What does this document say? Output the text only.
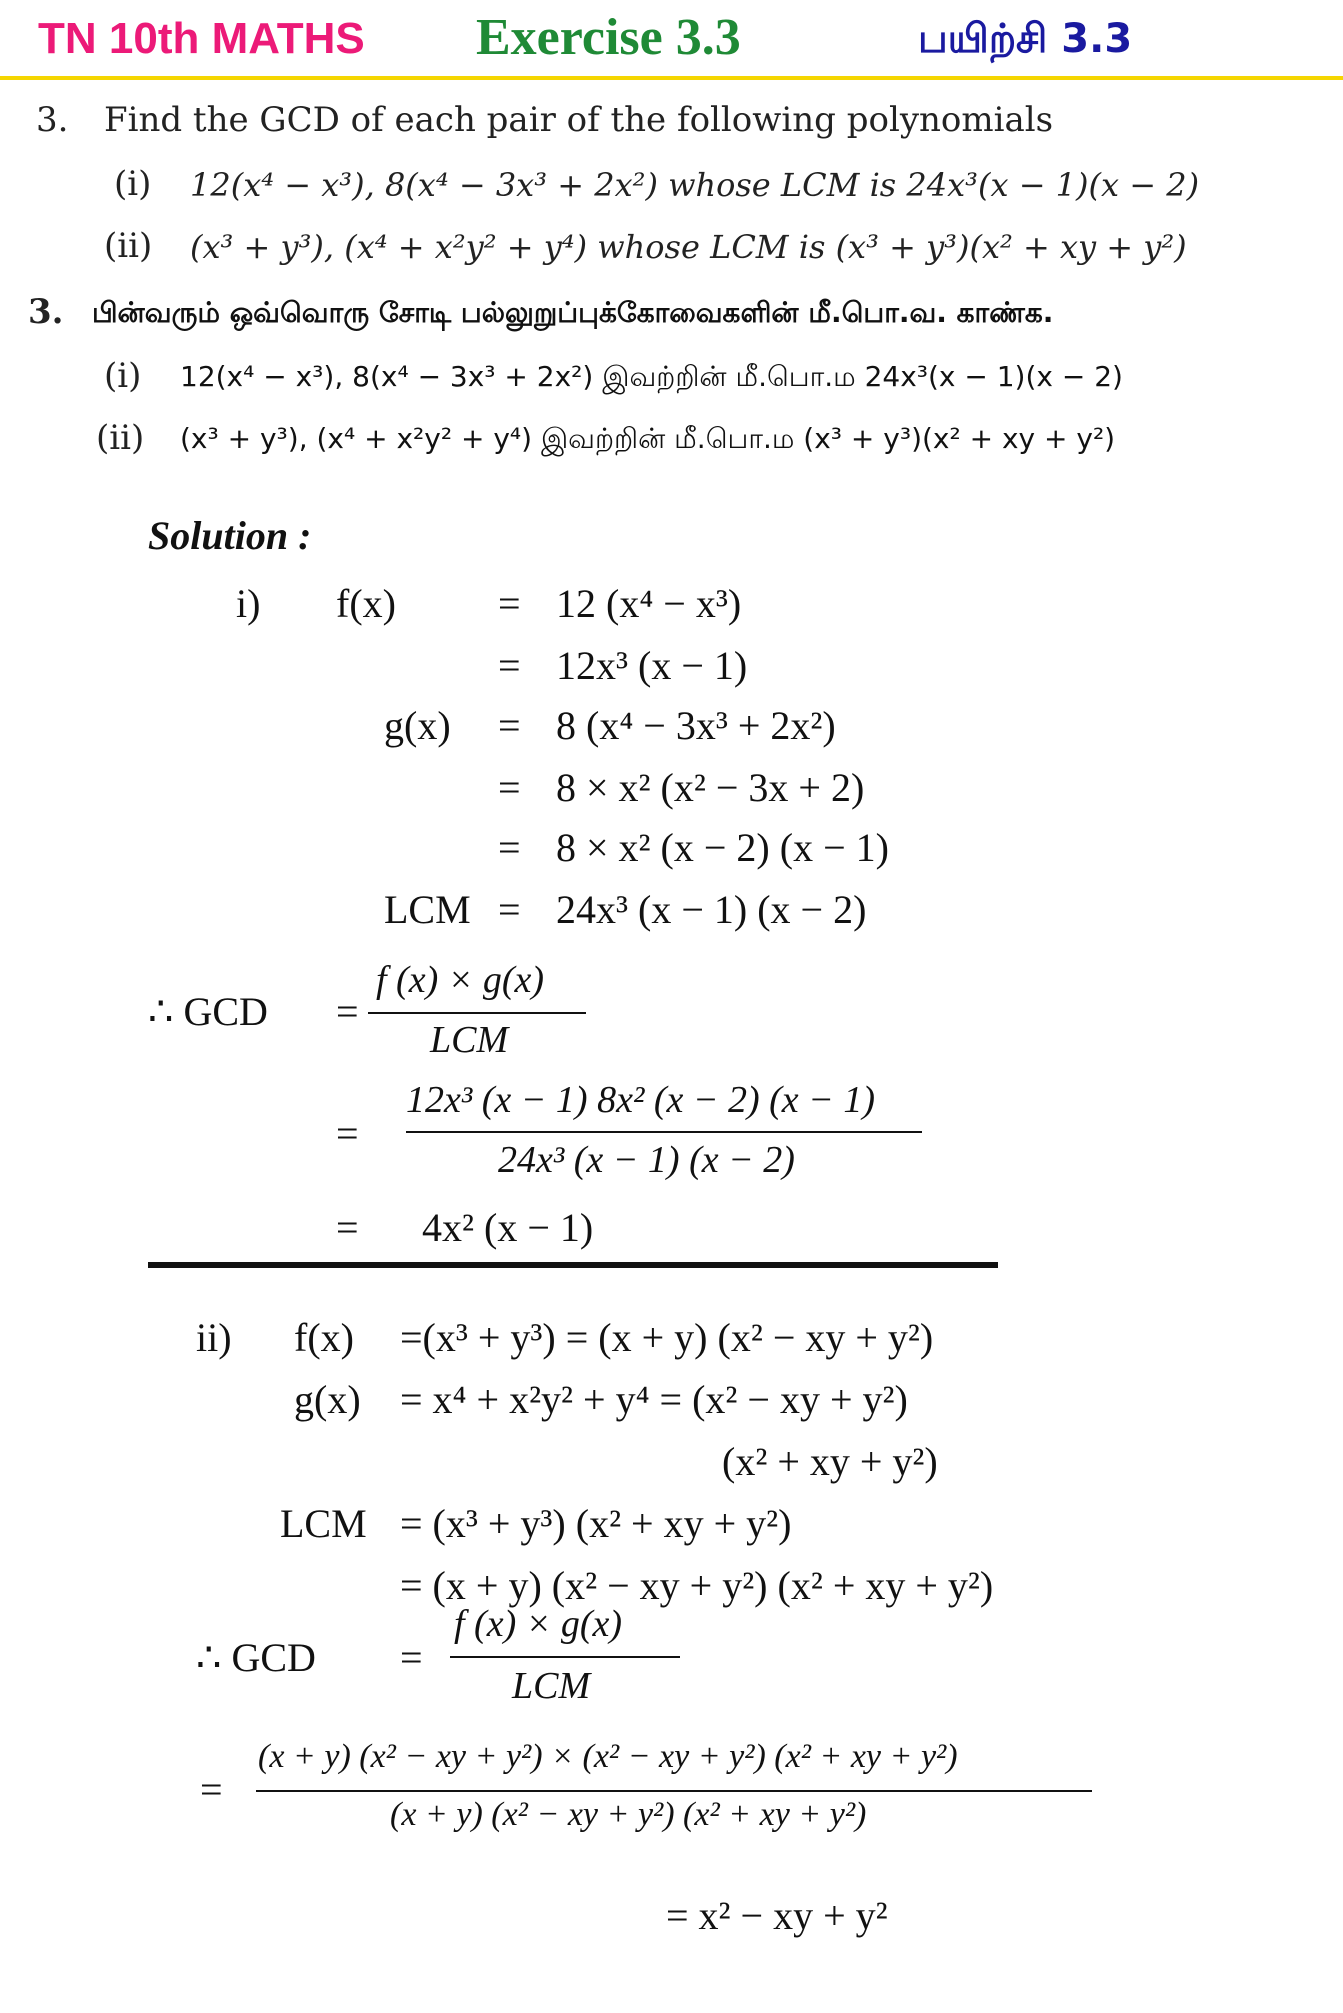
TN 10th MATHS Exercise 3.3	பயிற்சி 3.3
3. Find the GCD of each pair of the following polynomials
(i) 12(x⁴ − x³), 8(x⁴ − 3x³ + 2x²) whose LCM is 24x³(x − 1)(x − 2)
(ii) (x³ + y³), (x⁴ + x²y² + y⁴) whose LCM is (x³ + y³)(x² + xy + y²)
3. பின்வரும் ஒவ்வொரு சோடி பல்லுறுப்புக்கோவைகளின் மீ.பொ.வ. காண்க.
(i) 12(x⁴ − x³), 8(x⁴ − 3x³ + 2x²) இவற்றின் மீ.பொ.ம 24x³(x − 1)(x − 2)
(ii) (x³ + y³), (x⁴ + x²y² + y⁴) இவற்றின் மீ.பொ.ம (x³ + y³)(x² + xy + y²)
Solution :
i) f(x)	= 12 (x⁴ − x³)
= 12x³ (x − 1)
g(x) = 8 (x⁴ − 3x³ + 2x²)
= 8 × x² (x² − 3x + 2)
= 8 × x² (x − 2) (x − 1)
LCM = 24x³ (x − 1) (x − 2)
∴ GCD =
f (x) × g(x)
LCM
=
12x³ (x − 1) 8x² (x − 2) (x − 1)
24x³ (x − 1) (x − 2)
= 4x² (x − 1)
ii) f(x) =(x³ + y³) = (x + y) (x² − xy + y²)
g(x) = x⁴ + x²y² + y⁴ = (x² − xy + y²)
(x² + xy + y²)
LCM = (x³ + y³) (x² + xy + y²)
= (x + y) (x² − xy + y²) (x² + xy + y²)
∴ GCD =
f (x) × g(x)
LCM
=
(x + y) (x² − xy + y²) × (x² − xy + y²) (x² + xy + y²)
(x + y) (x² − xy + y²) (x² + xy + y²)
= x² − xy + y²
